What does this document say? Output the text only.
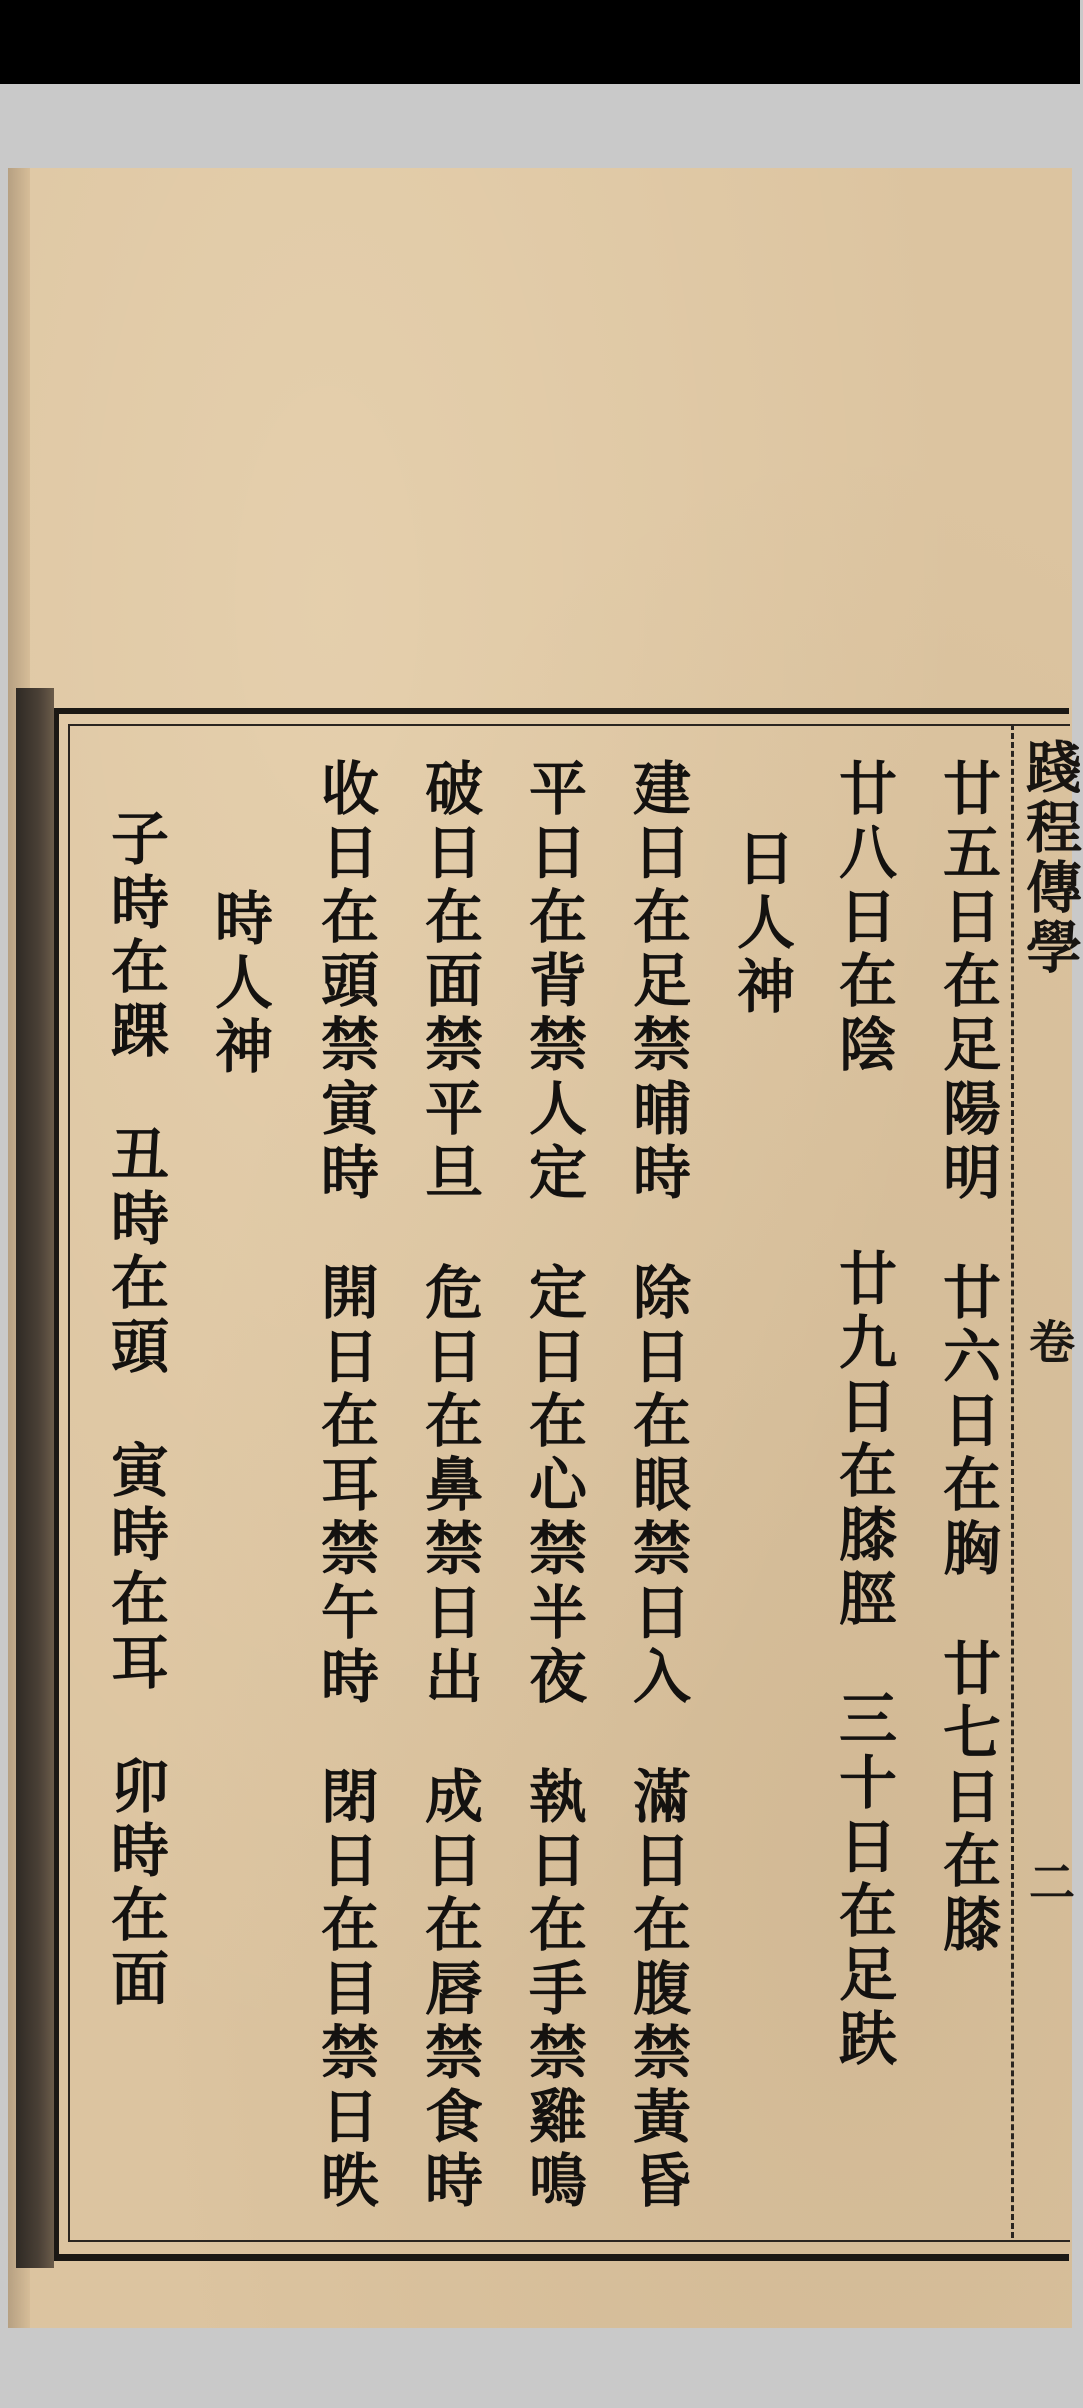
踐程傳學
卷
二
廿五日在足陽明廿六日在胸廿七日在膝
廿八日在陰廿九日在膝脛三十日在足趺
日人神
建日在足禁晡時除日在眼禁日入滿日在腹禁黃昏
平日在背禁人定定日在心禁半夜執日在手禁雞鳴
破日在面禁平旦危日在鼻禁日出成日在唇禁食時
收日在頭禁寅時開日在耳禁午時閉日在目禁日昳
時人神
子時在踝丑時在頭寅時在耳卯時在面
